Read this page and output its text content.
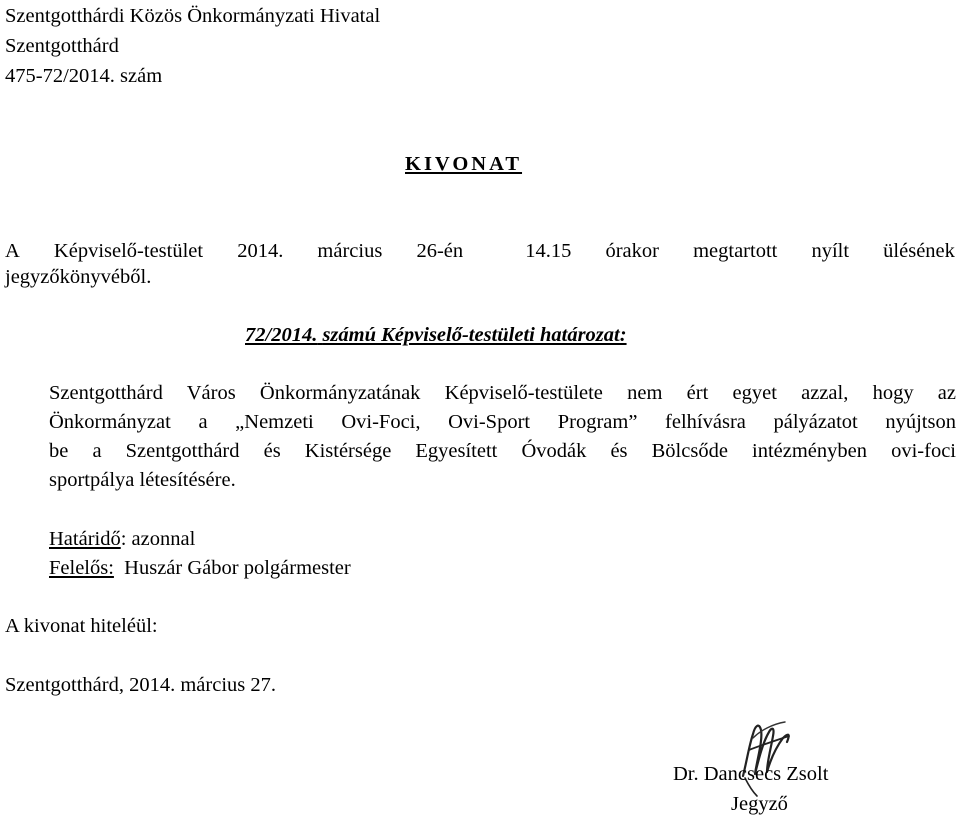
Szentgotthárdi Közös Önkormányzati Hivatal
Szentgotthárd
475-72/2014. szám
KIVONAT
A Képviselő-testület 2014. március 26-én	14.15 órakor megtartott nyílt ülésének
jegyzőkönyvéből.
72/2014. számú Képviselő-testületi határozat:
Szentgotthárd Város Önkormányzatának Képviselő-testülete nem ért egyet azzal, hogy az
Önkormányzat a „Nemzeti Ovi-Foci, Ovi-Sport Program” felhívásra pályázatot nyújtson
be a Szentgotthárd és Kistérsége Egyesített Óvodák és Bölcsőde intézményben ovi-foci
sportpálya létesítésére.
Határidő: azonnal
Felelős: Huszár Gábor polgármester
A kivonat hiteléül:
Szentgotthárd, 2014. március 27.
Dr. Dancsecs Zsolt
Jegyző
